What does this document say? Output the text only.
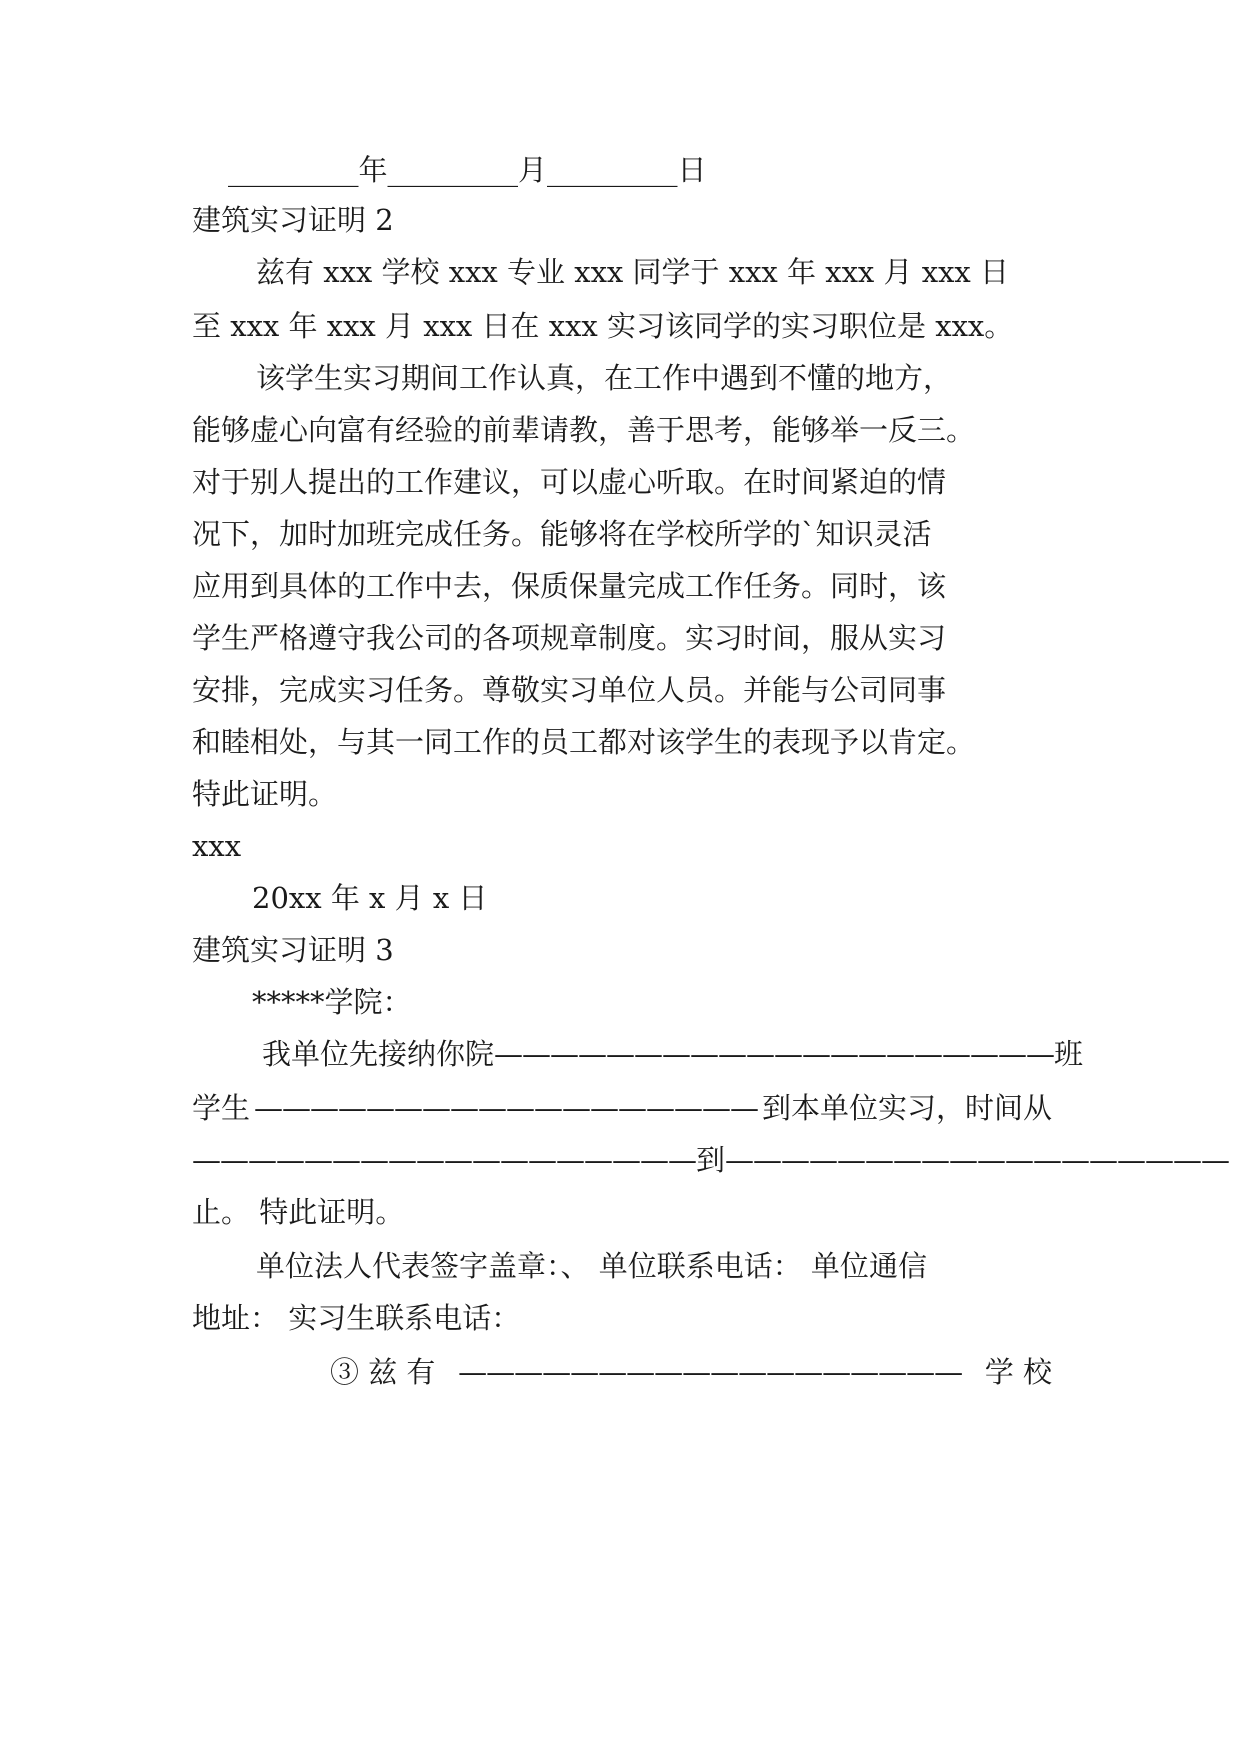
_________年_________月_________日
建筑实习证明 2
兹有 xxx 学校 xxx 专业 xxx 同学于 xxx 年 xxx 月 xxx 日
至 xxx 年 xxx 月 xxx 日在 xxx 实习该同学的实习职位是 xxx。
该学生实习期间工作认真，在工作中遇到不懂的地方，
能够虚心向富有经验的前辈请教，善于思考，能够举一反三。
对于别人提出的工作建议，可以虚心听取。在时间紧迫的情
况下，加时加班完成任务。能够将在学校所学的`知识灵活
应用到具体的工作中去，保质保量完成工作任务。同时，该
学生严格遵守我公司的各项规章制度。实习时间，服从实习
安排，完成实习任务。尊敬实习单位人员。并能与公司同事
和睦相处，与其一同工作的员工都对该学生的表现予以肯定。
特此证明。
xxx
20xx 年 x 月 x 日
建筑实习证明 3
*****学院：
我单位先接纳你院 ———————————————————— 班
学生 —————————————————— 到本单位实习，时间从
—————————————————— 到 ——————————————————
止。 特此证明。
单位法人代表签字盖章：、 单位联系电话： 单位通信
地址： 实习生联系电话：
③ 兹 有 —————————————————— 学 校
